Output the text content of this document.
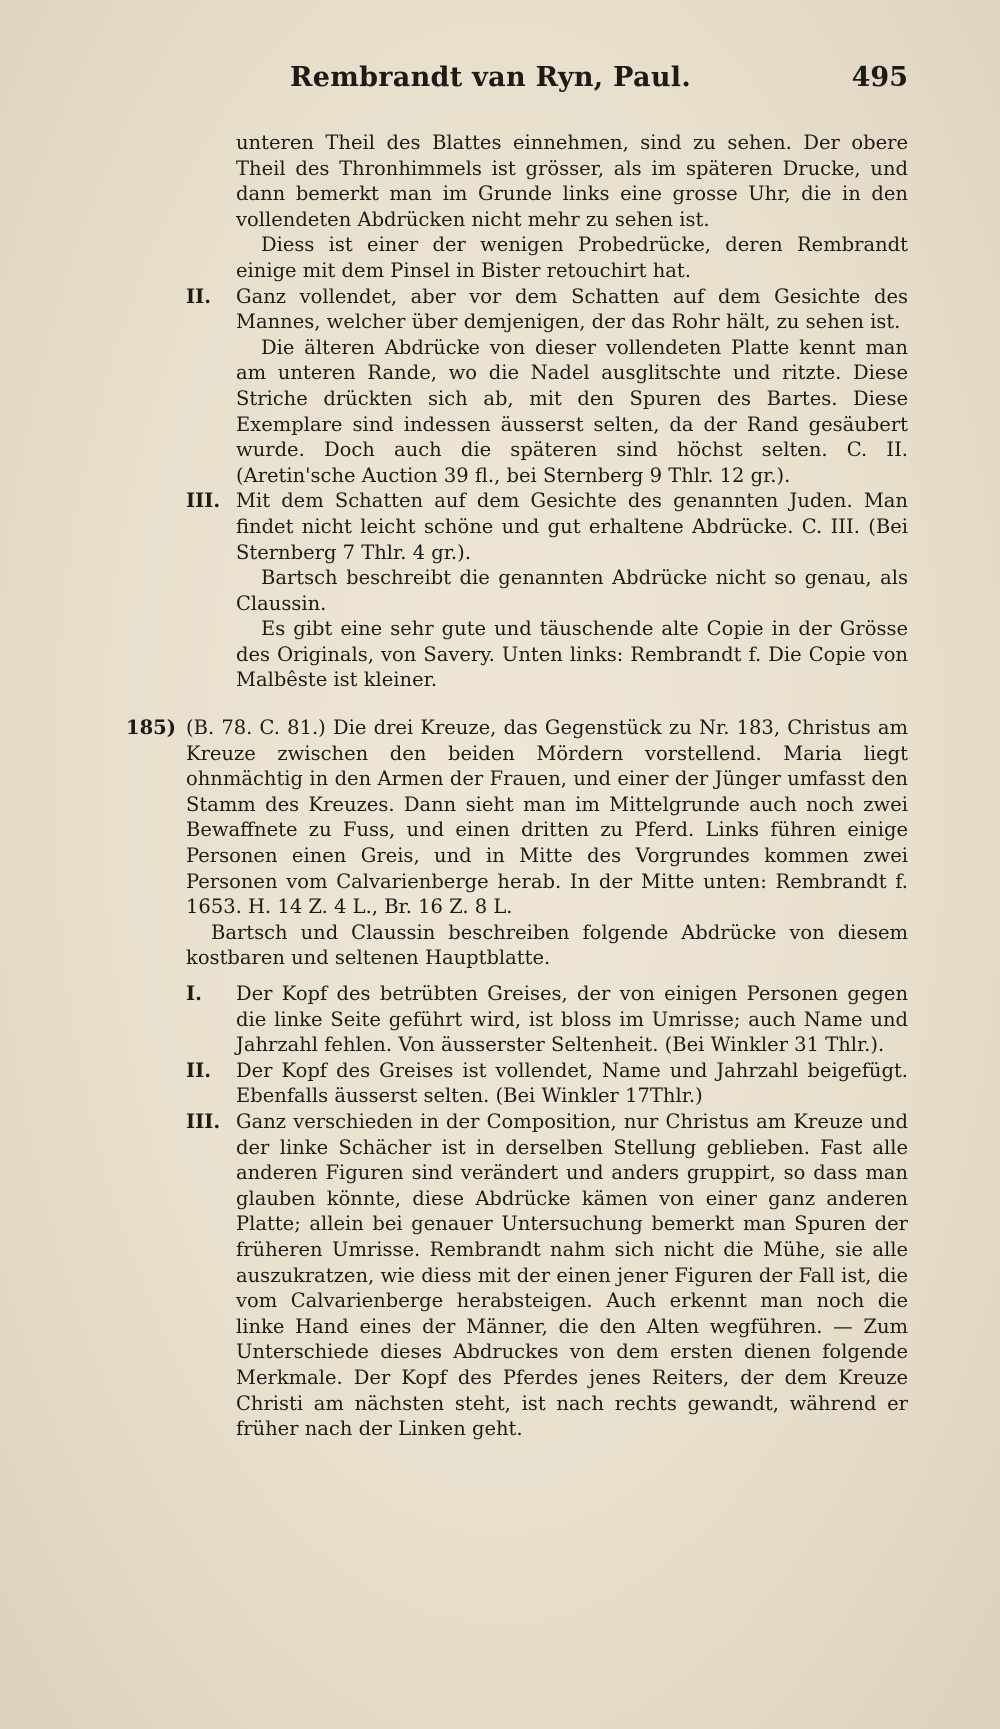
Rembrandt van Ryn, Paul.	495

unteren Theil des Blattes einnehmen, sind zu sehen. Der obere Theil des Thronhimmels ist grösser, als im späteren Drucke, und dann bemerkt man im Grunde links eine grosse Uhr, die in den vollendeten Abdrücken nicht mehr zu sehen ist.

Diess ist einer der wenigen Probedrücke, deren Rembrandt einige mit dem Pinsel in Bister retouchirt hat.

II.	Ganz vollendet, aber vor dem Schatten auf dem Gesichte des Mannes, welcher über demjenigen, der das Rohr hält, zu sehen ist.

Die älteren Abdrücke von dieser vollendeten Platte kennt man am unteren Rande, wo die Nadel ausglitschte und ritzte. Diese Striche drückten sich ab, mit den Spuren des Bartes. Diese Exemplare sind indessen äusserst selten, da der Rand gesäubert wurde. Doch auch die späteren sind höchst selten. C. II. (Aretin'sche Auction 39 fl., bei Sternberg 9 Thlr. 12 gr.).

III. Mit dem Schatten auf dem Gesichte des genannten Juden. Man findet nicht leicht schöne und gut erhaltene Abdrücke. C. III. (Bei Sternberg 7 Thlr. 4 gr.).

Bartsch beschreibt die genannten Abdrücke nicht so genau, als Claussin.

Es gibt eine sehr gute und täuschende alte Copie in der Grösse des Originals, von Savery. Unten links: Rembrandt f. Die Copie von Malbêste ist kleiner.

185) (B. 78. C. 81.) Die drei Kreuze, das Gegenstück zu Nr. 183, Christus am Kreuze zwischen den beiden Mördern vorstellend. Maria liegt ohnmächtig in den Armen der Frauen, und einer der Jünger umfasst den Stamm des Kreuzes. Dann sieht man im Mittelgrunde auch noch zwei Bewaffnete zu Fuss, und einen dritten zu Pferd. Links führen einige Personen einen Greis, und in Mitte des Vorgrundes kommen zwei Personen vom Calvarienberge herab. In der Mitte unten: Rembrandt f. 1653. H. 14 Z. 4 L., Br. 16 Z. 8 L.

Bartsch und Claussin beschreiben folgende Abdrücke von diesem kostbaren und seltenen Hauptblatte.

I.	Der Kopf des betrübten Greises, der von einigen Personen gegen die linke Seite geführt wird, ist bloss im Umrisse; auch Name und Jahrzahl fehlen. Von äusserster Seltenheit. (Bei Winkler 31 Thlr.).

II.	Der Kopf des Greises ist vollendet, Name und Jahrzahl beigefügt. Ebenfalls äusserst selten. (Bei Winkler 17Thlr.)

III. Ganz verschieden in der Composition, nur Christus am Kreuze und der linke Schächer ist in derselben Stellung geblieben. Fast alle anderen Figuren sind verändert und anders gruppirt, so dass man glauben könnte, diese Abdrücke kämen von einer ganz anderen Platte; allein bei genauer Untersuchung bemerkt man Spuren der früheren Umrisse. Rembrandt nahm sich nicht die Mühe, sie alle auszukratzen, wie diess mit der einen jener Figuren der Fall ist, die vom Calvarienberge herabsteigen. Auch erkennt man noch die linke Hand eines der Männer, die den Alten wegführen. — Zum Unterschiede dieses Abdruckes von dem ersten dienen folgende Merkmale. Der Kopf des Pferdes jenes Reiters, der dem Kreuze Christi am nächsten steht, ist nach rechts gewandt, während er früher nach der Linken geht.
